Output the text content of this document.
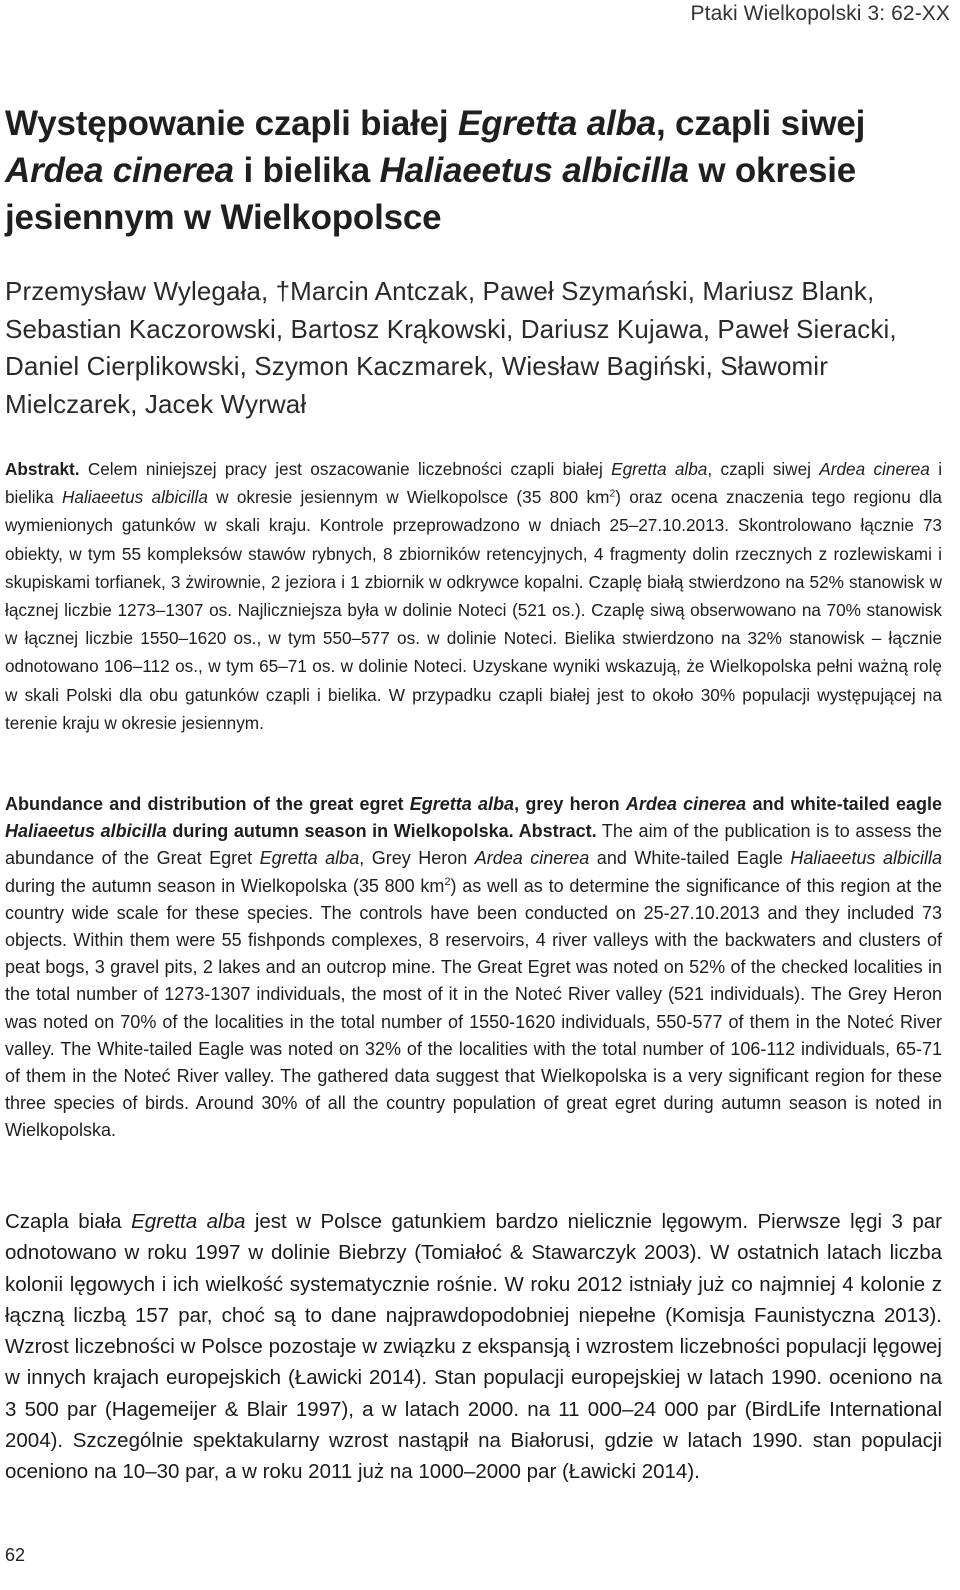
Ptaki Wielkopolski 3: 62-XX
Występowanie czapli białej Egretta alba, czapli siwej Ardea cinerea i bielika Haliaeetus albicilla w okresie jesiennym w Wielkopolsce
Przemysław Wylegała, †Marcin Antczak, Paweł Szymański, Mariusz Blank, Sebastian Kaczorowski, Bartosz Krąkowski, Dariusz Kujawa, Paweł Sieracki, Daniel Cierplikowski, Szymon Kaczmarek, Wiesław Bagiński, Sławomir Mielczarek, Jacek Wyrwał
Abstrakt. Celem niniejszej pracy jest oszacowanie liczebności czapli białej Egretta alba, czapli siwej Ardea cinerea i bielika Haliaeetus albicilla w okresie jesiennym w Wielkopolsce (35 800 $km^2$) oraz ocena znaczenia tego regionu dla wymienionych gatunków w skali kraju. Kontrole przeprowadzono w dniach 25–27.10.2013. Skontrolowano łącznie 73 obiekty, w tym 55 kompleksów stawów rybnych, 8 zbiorników retencyjnych, 4 fragmenty dolin rzecznych z rozlewiskami i skupiskami torfianek, 3 żwirownie, 2 jeziora i 1 zbiornik w odkrywce kopalni. Czaplę białą stwierdzono na 52% stanowisk w łącznej liczbie 1273–1307 os. Najliczniejsza była w dolinie Noteci (521 os.). Czaplę siwą obserwowano na 70% stanowisk w łącznej liczbie 1550–1620 os., w tym 550–577 os. w dolinie Noteci. Bielika stwierdzono na 32% stanowisk – łącznie odnotowano 106–112 os., w tym 65–71 os. w dolinie Noteci. Uzyskane wyniki wskazują, że Wielkopolska pełni ważną rolę w skali Polski dla obu gatunków czapli i bielika. W przypadku czapli białej jest to około 30% populacji występującej na terenie kraju w okresie jesiennym.
Abundance and distribution of the great egret Egretta alba, grey heron Ardea cinerea and white-tailed eagle Haliaeetus albicilla during autumn season in Wielkopolska. Abstract. The aim of the publication is to assess the abundance of the Great Egret Egretta alba, Grey Heron Ardea cinerea and White-tailed Eagle Haliaeetus albicilla during the autumn season in Wielkopolska (35 800 $km^2$) as well as to determine the significance of this region at the country wide scale for these species. The controls have been conducted on 25-27.10.2013 and they included 73 objects. Within them were 55 fishponds complexes, 8 reservoirs, 4 river valleys with the backwaters and clusters of peat bogs, 3 gravel pits, 2 lakes and an outcrop mine. The Great Egret was noted on 52% of the checked localities in the total number of 1273-1307 individuals, the most of it in the Noteć River valley (521 individuals). The Grey Heron was noted on 70% of the localities in the total number of 1550-1620 individuals, 550-577 of them in the Noteć River valley. The White-tailed Eagle was noted on 32% of the localities with the total number of 106-112 individuals, 65-71 of them in the Noteć River valley. The gathered data suggest that Wielkopolska is a very significant region for these three species of birds. Around 30% of all the country population of great egret during autumn season is noted in Wielkopolska.
Czapla biała Egretta alba jest w Polsce gatunkiem bardzo nielicznie lęgowym. Pierwsze lęgi 3 par odnotowano w roku 1997 w dolinie Biebrzy (Tomiałoć & Stawarczyk 2003). W ostatnich latach liczba kolonii lęgowych i ich wielkość systematycznie rośnie. W roku 2012 istniały już co najmniej 4 kolonie z łączną liczbą 157 par, choć są to dane najprawdopodobniej niepełne (Komisja Faunistyczna 2013). Wzrost liczebności w Polsce pozostaje w związku z ekspansją i wzrostem liczebności populacji lęgowej w innych krajach europejskich (Ławicki 2014). Stan populacji europejskiej w latach 1990. oceniono na 3 500 par (Hagemeijer & Blair 1997), a w latach 2000. na 11 000–24 000 par (BirdLife International 2004). Szczególnie spektakularny wzrost nastąpił na Białorusi, gdzie w latach 1990. stan populacji oceniono na 10–30 par, a w roku 2011 już na 1000–2000 par (Ławicki 2014).
62
